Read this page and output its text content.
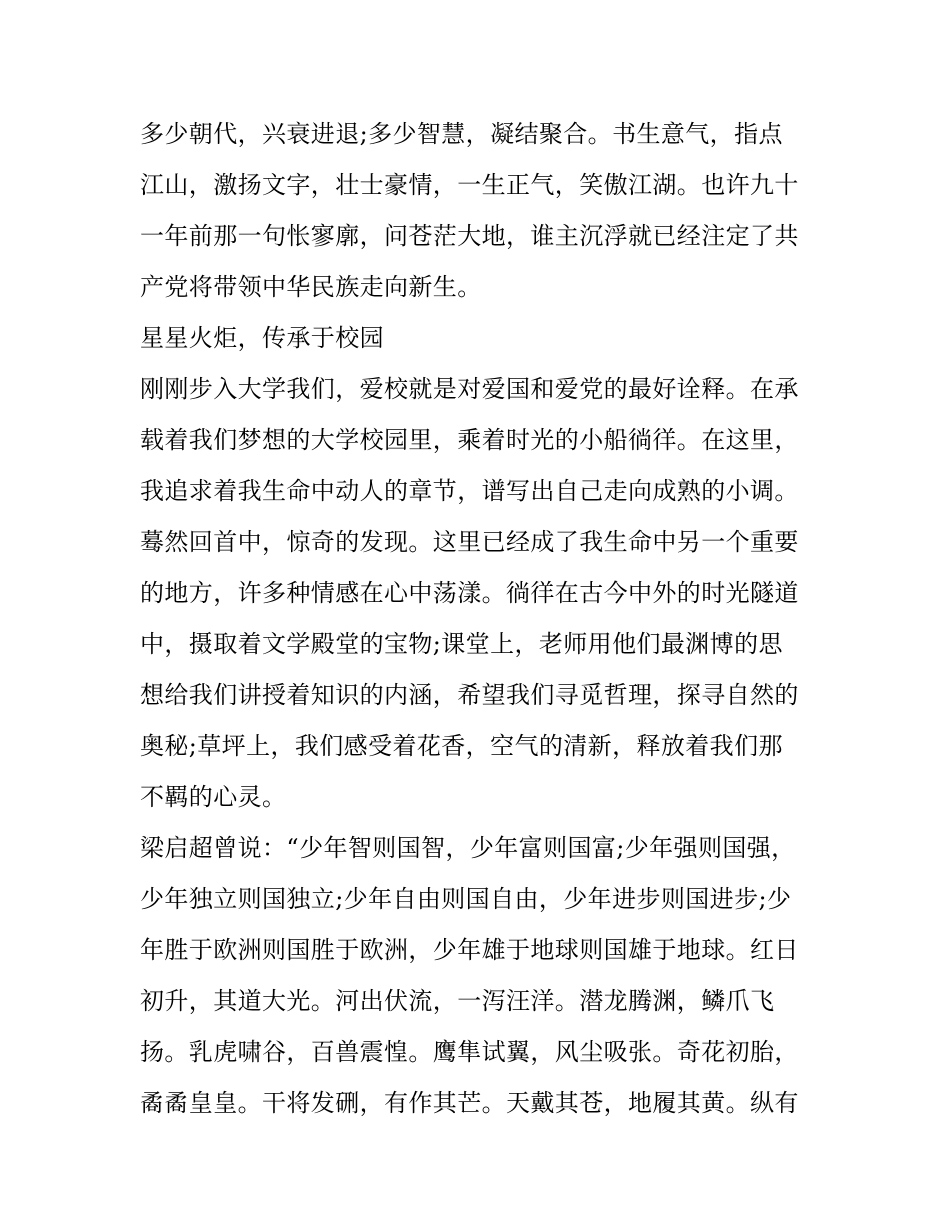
多少朝代，兴衰进退;多少智慧，凝结聚合。书生意气，指点
江山，激扬文字，壮士豪情，一生正气，笑傲江湖。也许九十
一年前那一句怅寥廓，问苍茫大地，谁主沉浮就已经注定了共
产党将带领中华民族走向新生。
星星火炬，传承于校园
刚刚步入大学我们，爱校就是对爱国和爱党的最好诠释。在承
载着我们梦想的大学校园里，乘着时光的小船徜徉。在这里，
我追求着我生命中动人的章节，谱写出自己走向成熟的小调。
蓦然回首中，惊奇的发现。这里已经成了我生命中另一个重要
的地方，许多种情感在心中荡漾。徜徉在古今中外的时光隧道
中，摄取着文学殿堂的宝物;课堂上，老师用他们最渊博的思
想给我们讲授着知识的内涵，希望我们寻觅哲理，探寻自然的
奥秘;草坪上，我们感受着花香，空气的清新，释放着我们那
不羁的心灵。
梁启超曾说：“少年智则国智，少年富则国富;少年强则国强，
少年独立则国独立;少年自由则国自由，少年进步则国进步;少
年胜于欧洲则国胜于欧洲，少年雄于地球则国雄于地球。红日
初升，其道大光。河出伏流，一泻汪洋。潜龙腾渊，鳞爪飞
扬。乳虎啸谷，百兽震惶。鹰隼试翼，风尘吸张。奇花初胎，
矞矞皇皇。干将发硎，有作其芒。天戴其苍，地履其黄。纵有
